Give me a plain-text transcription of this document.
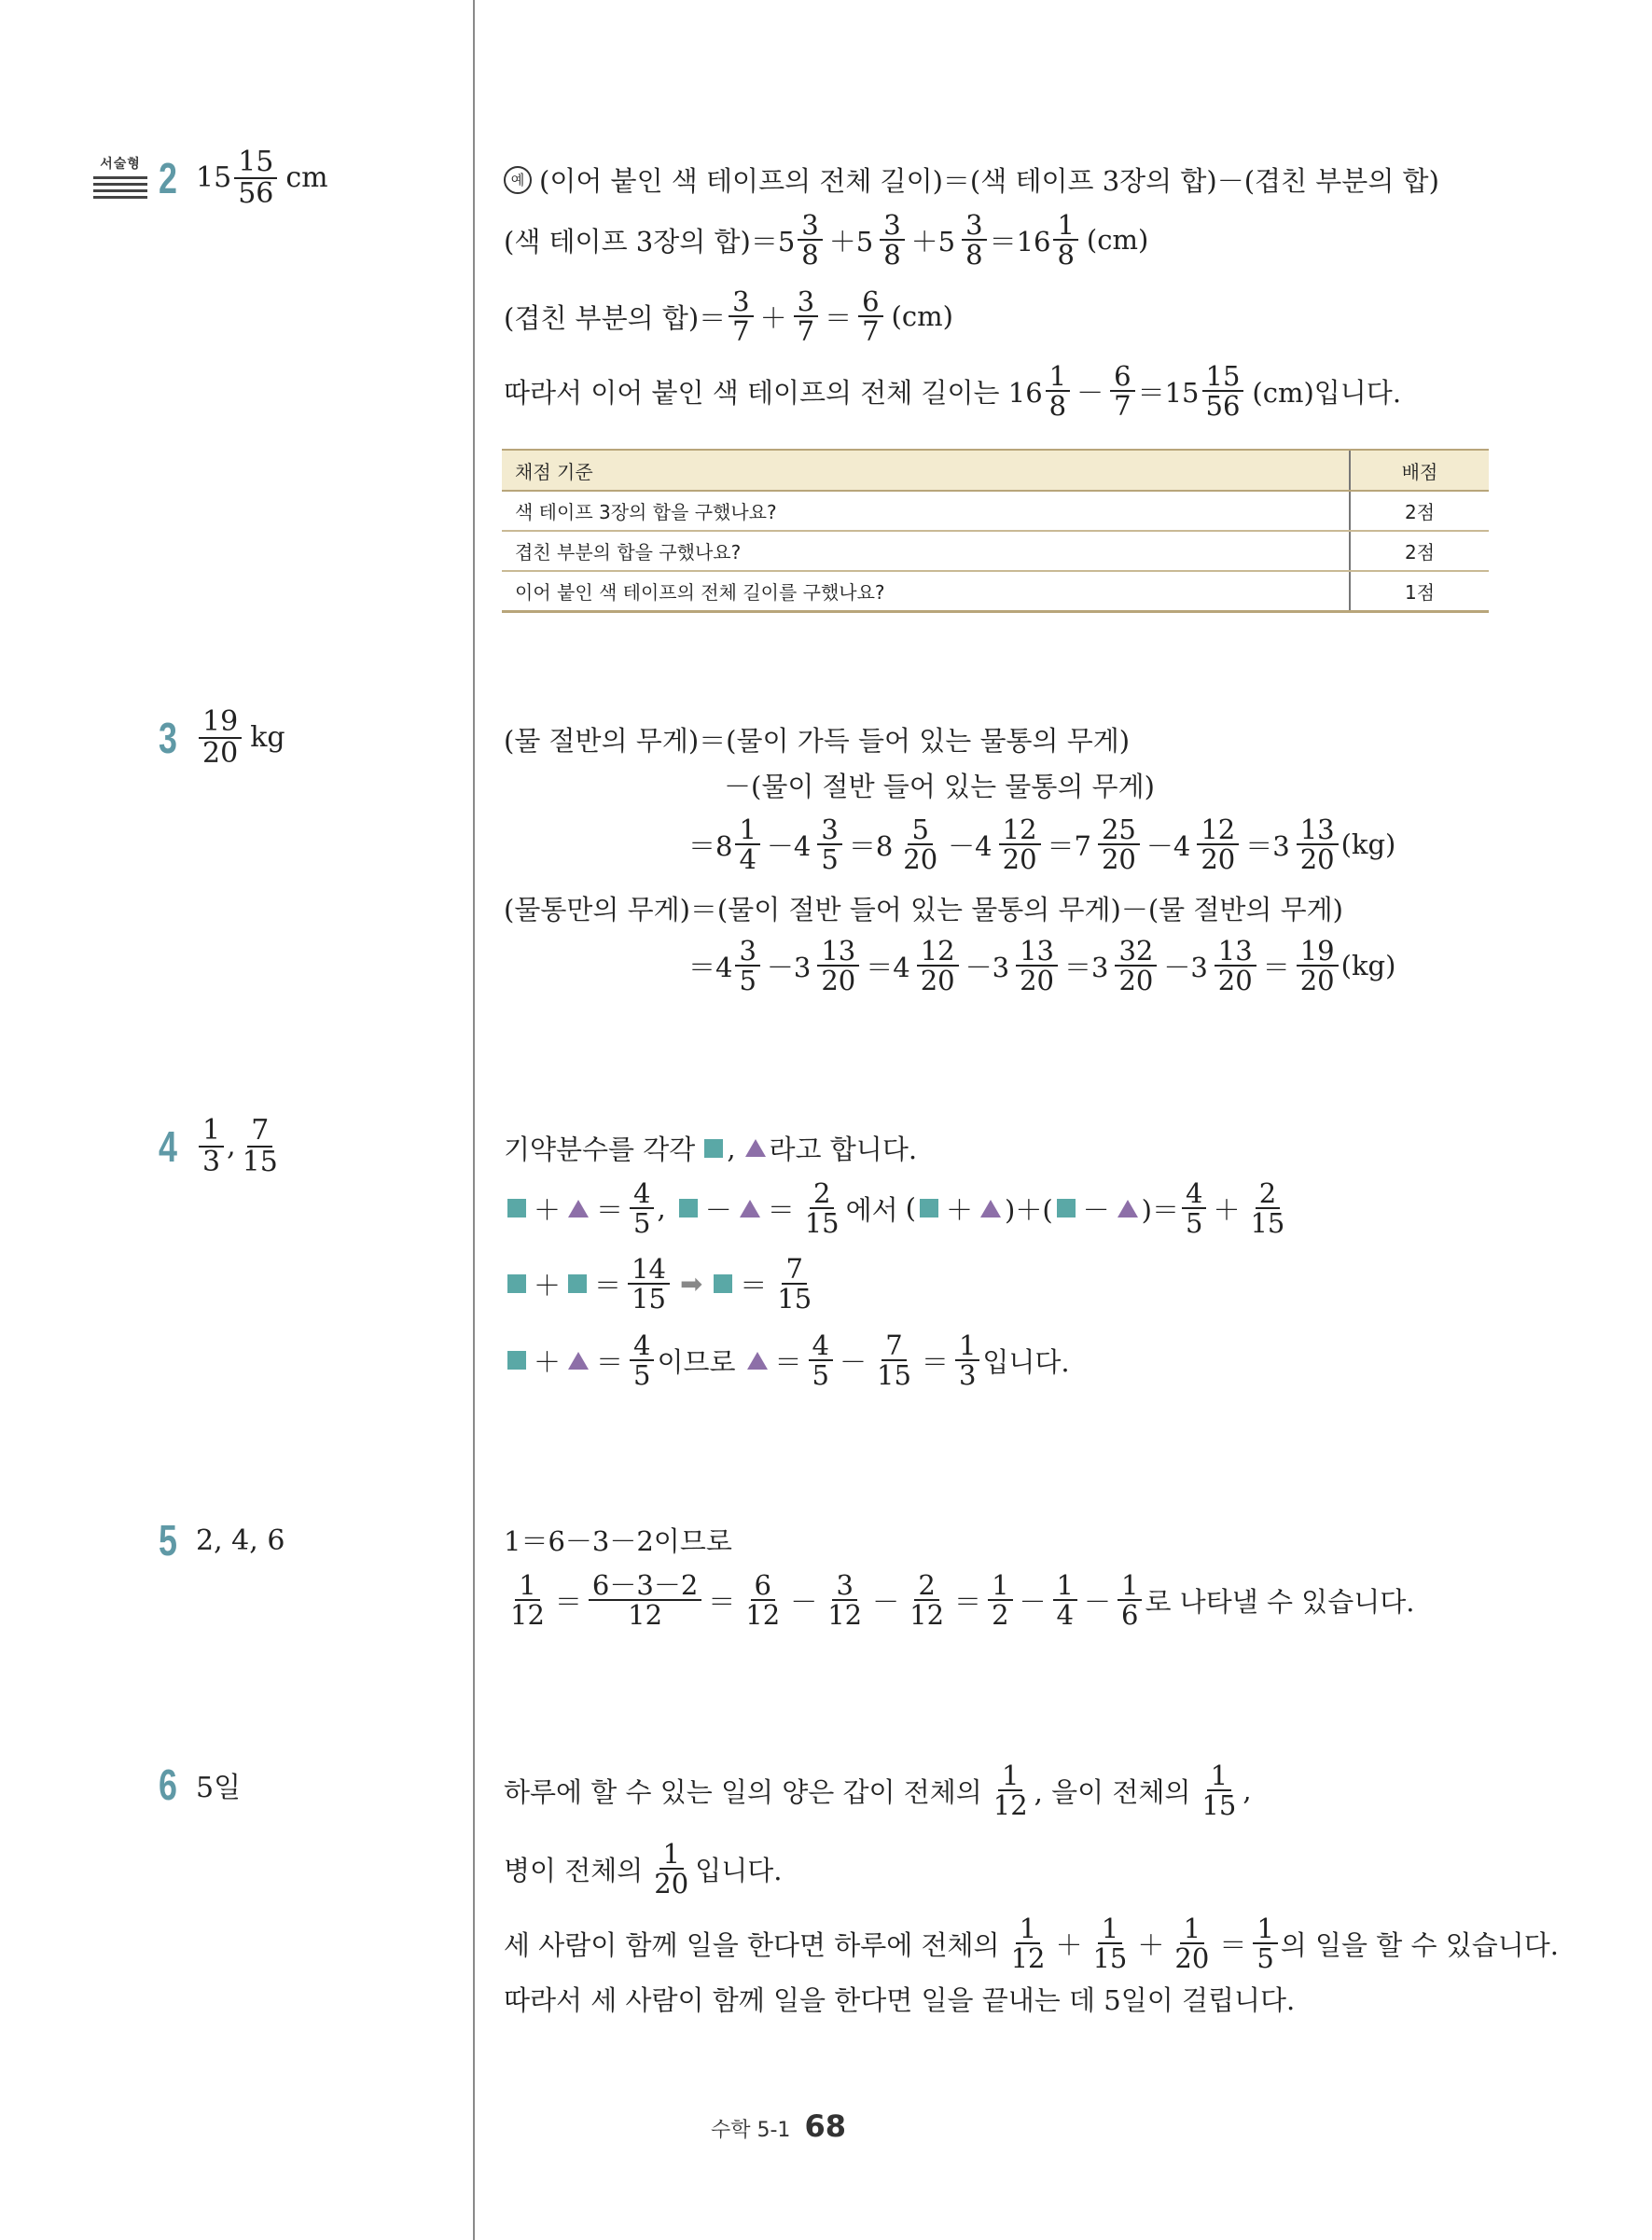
서술형 2 $15 \frac{15}{56}$ cm	예 (이어 붙인 색 테이프의 전체 길이)＝(색 테이프 3장의 합)－(겹친 부분의 합)
(색 테이프 3장의 합)$=5 \frac{3}{8} +5 \frac{3}{8} +5 \frac{3}{8} =16 \frac{1}{8} (cm)$
(겹친 부분의 합)＝ $\frac{3}{7} + \frac{3}{7} = \frac{6}{7} (cm)$
따라서 이어 붙인 색 테이프의 전체 길이는 $16 \frac{1}{8} - \frac{6}{7} =15 \frac{15}{56} (cm)$입니다.
채점 기준	배점
색 테이프 3장의 합을 구했나요?	2점
겹친 부분의 합을 구했나요?	2점
이어 붙인 색 테이프의 전체 길이를 구했나요?	1점
$3 \frac{19}{20}$ kg	(물 절반의 무게)＝(물이 가득 들어 있는 물통의 무게)
－(물이 절반 들어 있는 물통의 무게)
$=8 \frac{1}{4} -4 \frac{3}{5} =8 \frac{5}{20} -4 \frac{12}{20} =7 \frac{25}{20} -4 \frac{12}{20} =3 \frac{13}{20} (kg)$
(물통만의 무게)＝(물이 절반 들어 있는 물통의 무게)－(물 절반의 무게)
$=4 \frac{3}{5} -3 \frac{13}{20} =4 \frac{12}{20} -3 \frac{13}{20} =3 \frac{32}{20} -3 \frac{13}{20} = \frac{19}{20} (kg)$
$4 \frac{1}{3}$ , $\frac{7}{15}$	기약분수를 각각 , 라고 합니다.
＋ ＝ $\frac{4}{5}$ , － ＝ $\frac{2}{15}$ 에서 ( ＋ )＋( － )＝ $\frac{4}{5} + \frac{2}{15}$
＋ ＝ $\frac{14}{15}$ ➡ ＝ $\frac{7}{15}$
＋ ＝ $\frac{4}{5}$ 이므로 ＝ $\frac{4}{5} - \frac{7}{15} = \frac{1}{3}$ 입니다.
5 2, 4, 6	1＝6－3－2이므로
$\frac{1}{12} = \frac{6-3-2}{12} = \frac{6}{12} - \frac{3}{12} - \frac{2}{12} = \frac{1}{2} - \frac{1}{4} - \frac{1}{6}$ 로 나타낼 수 있습니다.
6 5일	하루에 할 수 있는 일의 양은 갑이 전체의 $\frac{1}{12}$ , 을이 전체의 $\frac{1}{15}$ ,
병이 전체의 $\frac{1}{20}$ 입니다.
세 사람이 함께 일을 한다면 하루에 전체의 $\frac{1}{12} + \frac{1}{15} + \frac{1}{20} = \frac{1}{5}$ 의 일을 할 수 있습니다.
따라서 세 사람이 함께 일을 한다면 일을 끝내는 데 5일이 걸립니다.
수학 5-1 68
